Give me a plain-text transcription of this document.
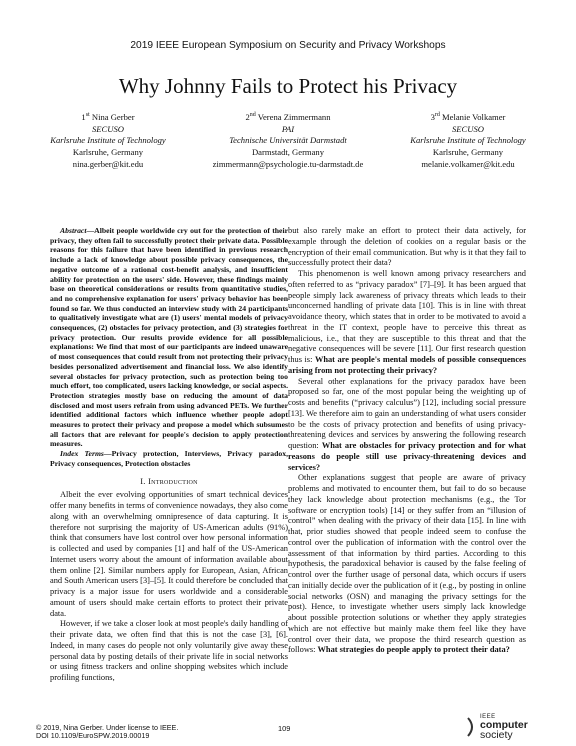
2019 IEEE European Symposium on Security and Privacy Workshops
Why Johnny Fails to Protect his Privacy
1st Nina Gerber
SECUSO
Karlsruhe Institute of Technology
Karlsruhe, Germany
nina.gerber@kit.edu
2nd Verena Zimmermann
PAI
Technische Universität Darmstadt
Darmstadt, Germany
zimmermann@psychologie.tu-darmstadt.de
3rd Melanie Volkamer
SECUSO
Karlsruhe Institute of Technology
Karlsruhe, Germany
melanie.volkamer@kit.edu

Abstract—Albeit people worldwide cry out for the protection of their privacy, they often fail to successfully protect their private data. Possible reasons for this failure that have been identified in previous research include a lack of knowledge about possible privacy consequences, the negative outcome of a rational cost-benefit analysis, and insufficient ability for protection on the users' side. However, these findings mainly base on theoretical considerations or results from quantitative studies, and no comprehensive explanation for users' privacy behavior has been found so far. We thus conducted an interview study with 24 participants to qualitatively investigate what are (1) users' mental models of privacy consequences, (2) obstacles for privacy protection, and (3) strategies for privacy protection. Our results provide evidence for all possible explanations: We find that most of our participants are indeed unaware of most consequences that could result from not protecting their privacy besides personalized advertisement and financial loss. We also identify several obstacles for privacy protection, such as protection being too much effort, too complicated, users lacking knowledge, or social aspects. Protection strategies mostly base on reducing the amount of data disclosed and most users refrain from using advanced PETs. We further identified additional factors which influence whether people adopt measures to protect their privacy and propose a model which subsumes all factors that are relevant for people's decision to apply protection measures.

Index Terms—Privacy protection, Interviews, Privacy paradox, Privacy consequences, Protection obstacles

I. Introduction

Albeit the ever evolving opportunities of smart technical devices offer many benefits in terms of convenience nowadays, they also come along with an overwhelming omnipresence of data capturing. It is therefore not surprising the majority of US-American adults (91%) think that consumers have lost control over how personal information is collected and used by companies [1] and half of the US-American Internet users worry about the amount of information available about them online [2]. Similar numbers apply for European, Asian, African and South American users [3]–[5]. It could therefore be concluded that privacy is a major issue for users worldwide and a considerable amount of users should make certain efforts to protect their private data.

However, if we take a closer look at most people's daily handling of their private data, we often find that this is not the case [3], [6]. Indeed, in many cases do people not only voluntarily give away these personal data by posting details of their private life in social networks or using fitness trackers and online shopping websites which include profiling functions,

but also rarely make an effort to protect their data actively, for example through the deletion of cookies on a regular basis or the encryption of their email communication. But why is it that they fail to successfully protect their data?

This phenomenon is well known among privacy researchers and often referred to as “privacy paradox” [7]–[9]. It has been argued that people simply lack awareness of privacy threats which leads to their unconcerned handling of private data [10]. This is in line with threat avoidance theory, which states that in order to be motivated to avoid a threat in the IT context, people have to perceive this threat as malicious, i.e., that they are susceptible to this threat and that the negative consequences will be severe [11]. Our first research question thus is: What are people's mental models of possible consequences arising from not protecting their privacy?

Several other explanations for the privacy paradox have been proposed so far, one of the most popular being the weighting up of costs and benefits (“privacy calculus”) [12], including social pressure [13]. We therefore aim to gain an understanding of what users consider to be the costs of privacy protection and benefits of using privacy-threatening devices and services by answering the following research question: What are obstacles for privacy protection and for what reasons do people still use privacy-threatening devices and services?

Other explanations suggest that people are aware of privacy problems and motivated to encounter them, but fail to do so because they lack knowledge about protection mechanisms (e.g., the Tor software or encryption tools) [14] or they suffer from an “illusion of control” when dealing with the privacy of their data [15]. In line with that, prior studies showed that people indeed seem to confuse the control over the publication of information with the control over the assessment of that information by third parties. According to this hypothesis, the paradoxical behavior is caused by the false feeling of control over the further usage of personal data, which occurs if users can initially decide over the publication of it (e.g., by posting in online social networks (OSN) and managing the privacy settings for the post). Hence, to investigate whether users simply lack knowledge about possible protection solutions or whether they apply strategies which are not effective but mainly make them feel like they have control over their data, we propose the third research question as follows: What strategies do people apply to protect their data?

© 2019, Nina Gerber. Under license to IEEE.
DOI 10.1109/EuroSPW.2019.00019
109
IEEE
computer
society
